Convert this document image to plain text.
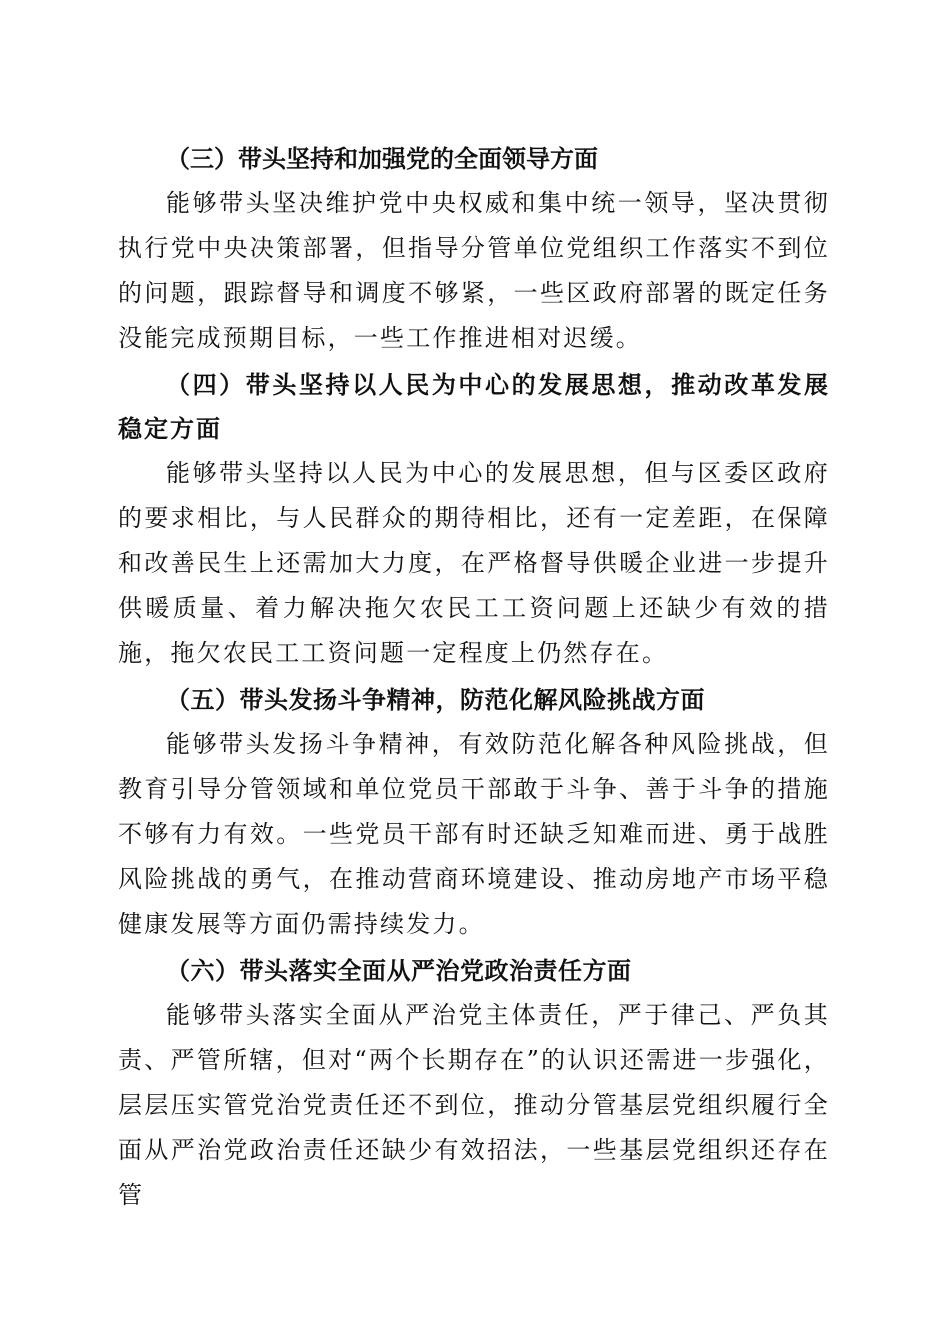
（三）带头坚持和加强党的全面领导方面

能够带头坚决维护党中央权威和集中统一领导，坚决贯彻执行党中央决策部署，但指导分管单位党组织工作落实不到位的问题，跟踪督导和调度不够紧，一些区政府部署的既定任务没能完成预期目标，一些工作推进相对迟缓。

（四）带头坚持以人民为中心的发展思想，推动改革发展稳定方面

能够带头坚持以人民为中心的发展思想，但与区委区政府的要求相比，与人民群众的期待相比，还有一定差距，在保障和改善民生上还需加大力度，在严格督导供暖企业进一步提升供暖质量、着力解决拖欠农民工工资问题上还缺少有效的措施，拖欠农民工工资问题一定程度上仍然存在。

（五）带头发扬斗争精神，防范化解风险挑战方面

能够带头发扬斗争精神，有效防范化解各种风险挑战，但教育引导分管领域和单位党员干部敢于斗争、善于斗争的措施不够有力有效。一些党员干部有时还缺乏知难而进、勇于战胜风险挑战的勇气，在推动营商环境建设、推动房地产市场平稳健康发展等方面仍需持续发力。

（六）带头落实全面从严治党政治责任方面

能够带头落实全面从严治党主体责任，严于律己、严负其责、严管所辖，但对“两个长期存在”的认识还需进一步强化，层层压实管党治党责任还不到位，推动分管基层党组织履行全面从严治党政治责任还缺少有效招法，一些基层党组织还存在管
